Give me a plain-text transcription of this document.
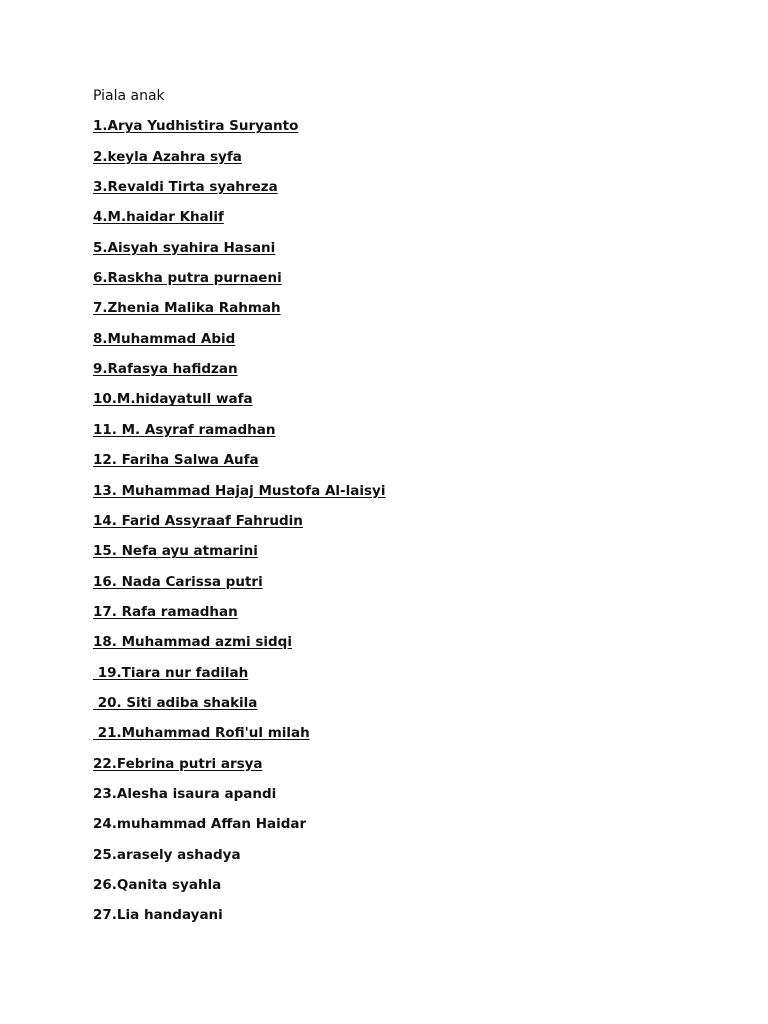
Piala anak

1.Arya Yudhistira Suryanto
2.keyla Azahra syfa
3.Revaldi Tirta syahreza
4.M.haidar Khalif
5.Aisyah syahira Hasani
6.Raskha putra purnaeni
7.Zhenia Malika Rahmah
8.Muhammad Abid
9.Rafasya hafidzan
10.M.hidayatull wafa
11. M. Asyraf ramadhan
12. Fariha Salwa Aufa
13. Muhammad Hajaj Mustofa Al-laisyi
14. Farid Assyraaf Fahrudin
15. Nefa ayu atmarini
16. Nada Carissa putri
17. Rafa ramadhan
18. Muhammad azmi sidqi
19.Tiara nur fadilah
20. Siti adiba shakila
21.Muhammad Rofi'ul milah
22.Febrina putri arsya
23.Alesha isaura apandi
24.muhammad Affan Haidar
25.arasely ashadya
26.Qanita syahla
27.Lia handayani
